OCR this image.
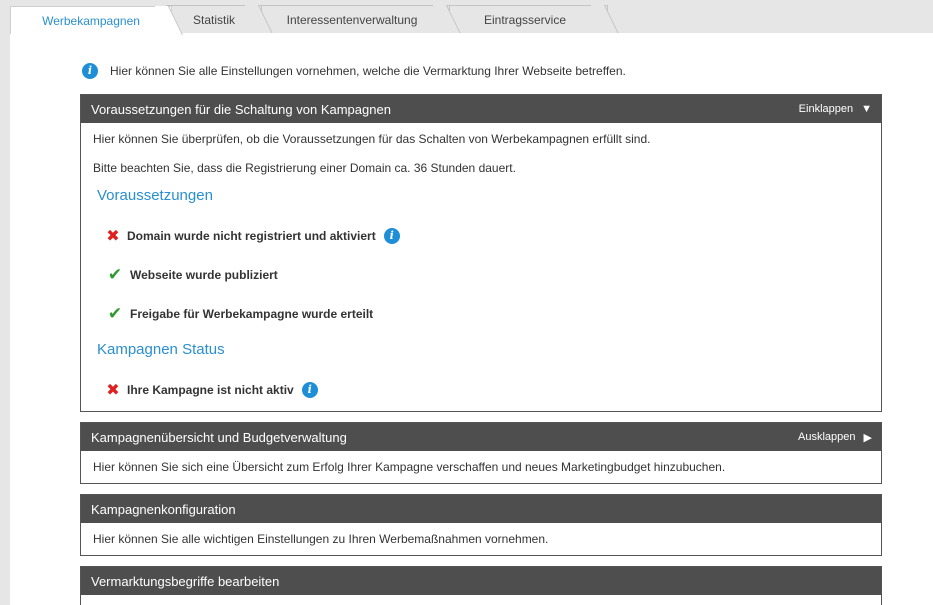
Eintragsservice
Interessentenverwaltung
Statistik
Werbekampagnen
i	Hier können Sie alle Einstellungen vornehmen, welche die Vermarktung Ihrer Webseite betreffen.
Voraussetzungen für die Schaltung von Kampagnen	Einklappen ▼
Hier können Sie überprüfen, ob die Voraussetzungen für das Schalten von Werbekampagnen erfüllt sind.
Bitte beachten Sie, dass die Registrierung einer Domain ca. 36 Stunden dauert.
Voraussetzungen
✖ Domain wurde nicht registriert und aktiviert	i
✔ Webseite wurde publiziert
✔ Freigabe für Werbekampagne wurde erteilt
Kampagnen Status
✖ Ihre Kampagne ist nicht aktiv	i
Kampagnenübersicht und Budgetverwaltung	Ausklappen ▶
Hier können Sie sich eine Übersicht zum Erfolg Ihrer Kampagne verschaffen und neues Marketingbudget hinzubuchen.
Kampagnenkonfiguration
Hier können Sie alle wichtigen Einstellungen zu Ihren Werbemaßnahmen vornehmen.
Vermarktungsbegriffe bearbeiten
